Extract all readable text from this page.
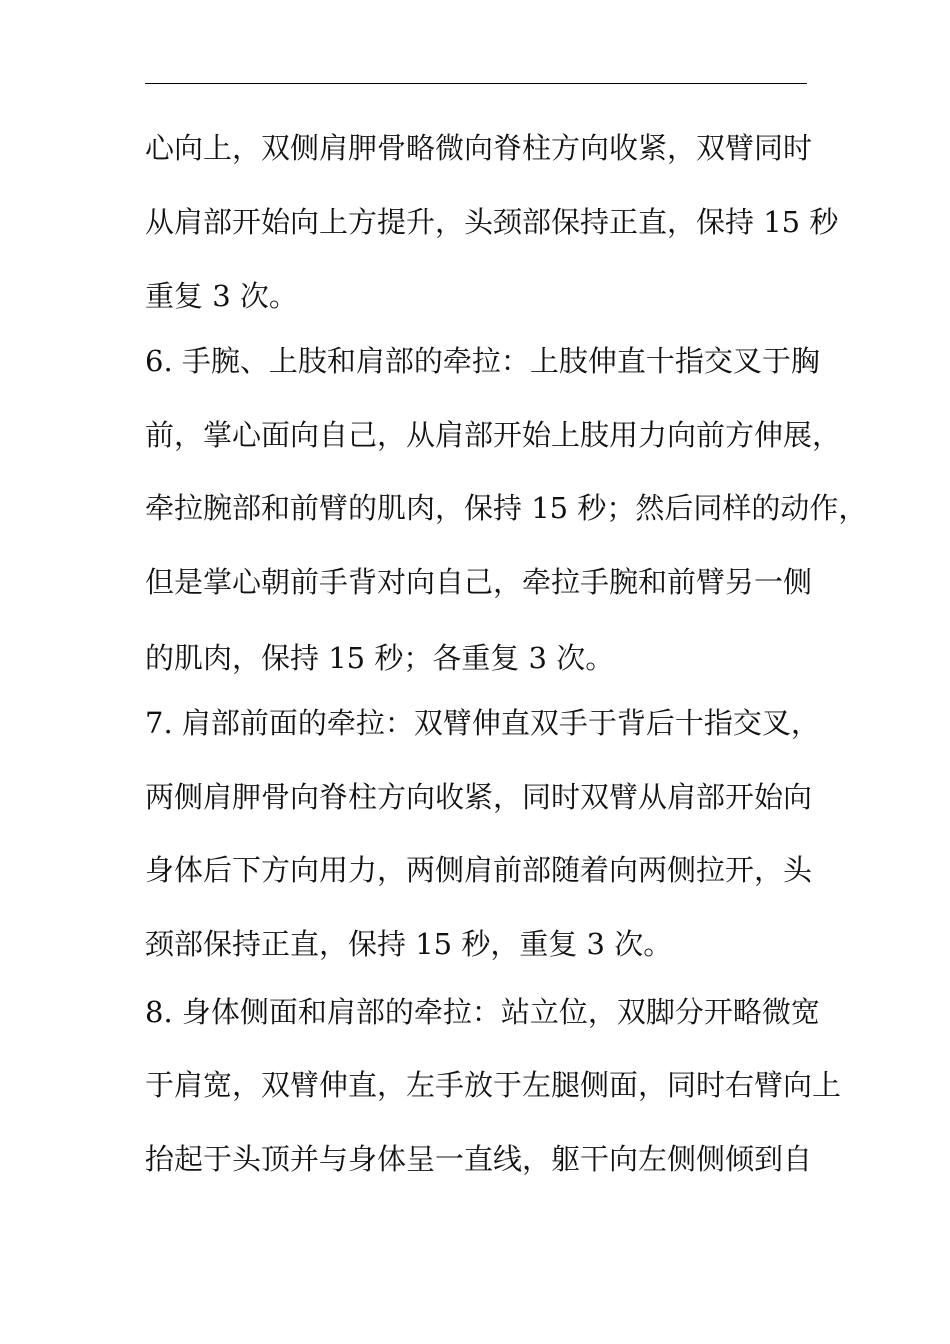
心向上，双侧肩胛骨略微向脊柱方向收紧，双臂同时
从肩部开始向上方提升，头颈部保持正直，保持 15 秒
重复 3 次。
6. 手腕、上肢和肩部的牵拉：上肢伸直十指交叉于胸
前，掌心面向自己，从肩部开始上肢用力向前方伸展，
牵拉腕部和前臂的肌肉，保持 15 秒；然后同样的动作，
但是掌心朝前手背对向自己，牵拉手腕和前臂另一侧
的肌肉，保持 15 秒；各重复 3 次。
7. 肩部前面的牵拉：双臂伸直双手于背后十指交叉，
两侧肩胛骨向脊柱方向收紧，同时双臂从肩部开始向
身体后下方向用力，两侧肩前部随着向两侧拉开，头
颈部保持正直，保持 15 秒，重复 3 次。
8. 身体侧面和肩部的牵拉：站立位，双脚分开略微宽
于肩宽，双臂伸直，左手放于左腿侧面，同时右臂向上
抬起于头顶并与身体呈一直线，躯干向左侧侧倾到自
